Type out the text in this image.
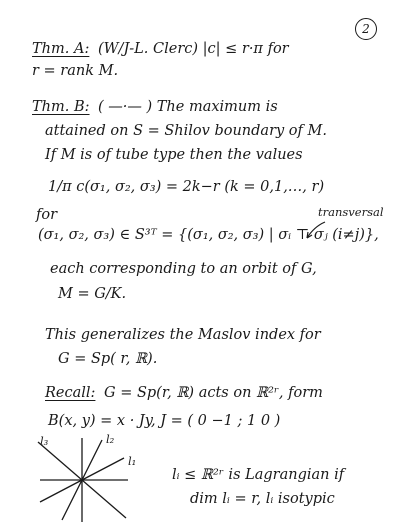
2
Thm. A: (W/J-L. Clerc) |c| ≤ r·π for
r = rank M.
Thm. B: ( —·— ) The maximum is
attained on S = Shilov boundary of M.
If M is of tube type then the values
1/π c(σ₁, σ₂, σ₃) = 2k−r (k = 0,1,…, r)
for	transversal
(σ₁, σ₂, σ₃) ∈ S³ᵀ = {(σ₁, σ₂, σ₃) | σᵢ ⊤ σⱼ (i≠j)},
each corresponding to an orbit of G,
M = G/K.
This generalizes the Maslov index for
G = Sp( r, ℝ).
Recall: G = Sp(r, ℝ) acts on ℝ²ʳ, form
B(x, y) = x · Jy, J = ( 0 −1 ; 1 0 )
lᵢ ≤ ℝ²ʳ is Lagrangian if
dim lᵢ = r, lᵢ isotypic
l₃	l₂
l₁
